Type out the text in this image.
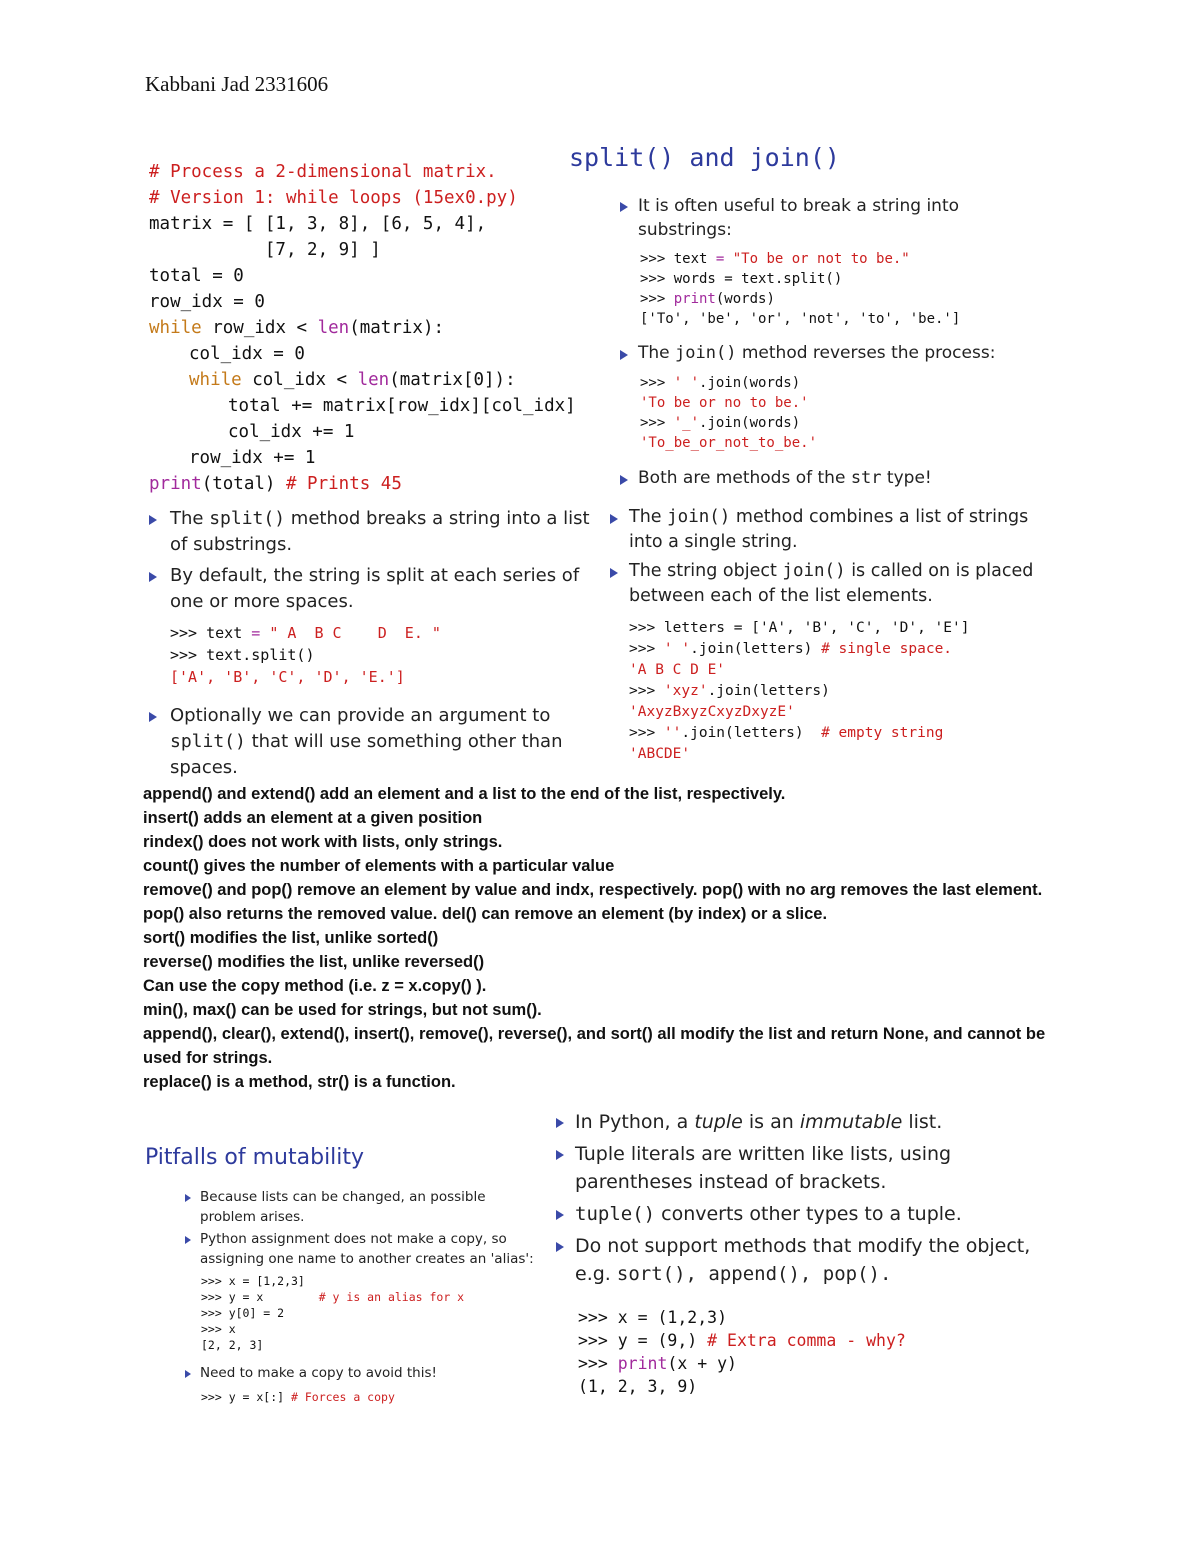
Kabbani Jad 2331606
# Process a 2-dimensional matrix.
# Version 1: while loops (15ex0.py)
matrix = [ [1, 3, 8], [6, 5, 4],
[7, 2, 9] ]
total = 0
row_idx = 0
while row_idx < len(matrix):
col_idx = 0
while col_idx < len(matrix[0]):
total += matrix[row_idx][col_idx]
col_idx += 1
row_idx += 1
print(total) # Prints 45
The split() method breaks a string into a list
of substrings.
By default, the string is split at each series of
one or more spaces.
>>> text = " A  B C    D  E. "
>>> text.split()
['A', 'B', 'C', 'D', 'E.']
Optionally we can provide an argument to
split() that will use something other than
spaces.
split() and join()
It is often useful to break a string into
substrings:
>>> text = "To be or not to be."
>>> words = text.split()
>>> print(words)
['To', 'be', 'or', 'not', 'to', 'be.']
The join() method reverses the process:
>>> ' '.join(words)
'To be or no to be.'
>>> '_'.join(words)
'To_be_or_not_to_be.'
Both are methods of the str type!
The join() method combines a list of strings
into a single string.
The string object join() is called on is placed
between each of the list elements.
>>> letters = ['A', 'B', 'C', 'D', 'E']
>>> ' '.join(letters) # single space.
'A B C D E'
>>> 'xyz'.join(letters)
'AxyzBxyzCxyzDxyzE'
>>> ''.join(letters)  # empty string
'ABCDE'
append() and extend() add an element and a list to the end of the list, respectively.
insert() adds an element at a given position
rindex() does not work with lists, only strings.
count() gives the number of elements with a particular value
remove() and pop() remove an element by value and indx, respectively. pop() with no arg removes the last element. pop() also returns the removed value. del() can remove an element (by index) or a slice.
sort() modifies the list, unlike sorted()
reverse() modifies the list, unlike reversed()
Can use the copy method (i.e. z = x.copy() ).
min(), max() can be used for strings, but not sum().
append(), clear(), extend(), insert(), remove(), reverse(), and sort() all modify the list and return None, and cannot be used for strings.
replace() is a method, str() is a function.
Pitfalls of mutability
Because lists can be changed, an possible
problem arises.
Python assignment does not make a copy, so
assigning one name to another creates an 'alias':
>>> x = [1,2,3]
>>> y = x        # y is an alias for x
>>> y[0] = 2
>>> x
[2, 2, 3]
Need to make a copy to avoid this!
>>> y = x[:] # Forces a copy
In Python, a tuple is an immutable list.
Tuple literals are written like lists, using
parentheses instead of brackets.
tuple() converts other types to a tuple.
Do not support methods that modify the object,
e.g. sort(), append(), pop().
>>> x = (1,2,3)
>>> y = (9,) # Extra comma - why?
>>> print(x + y)
(1, 2, 3, 9)
